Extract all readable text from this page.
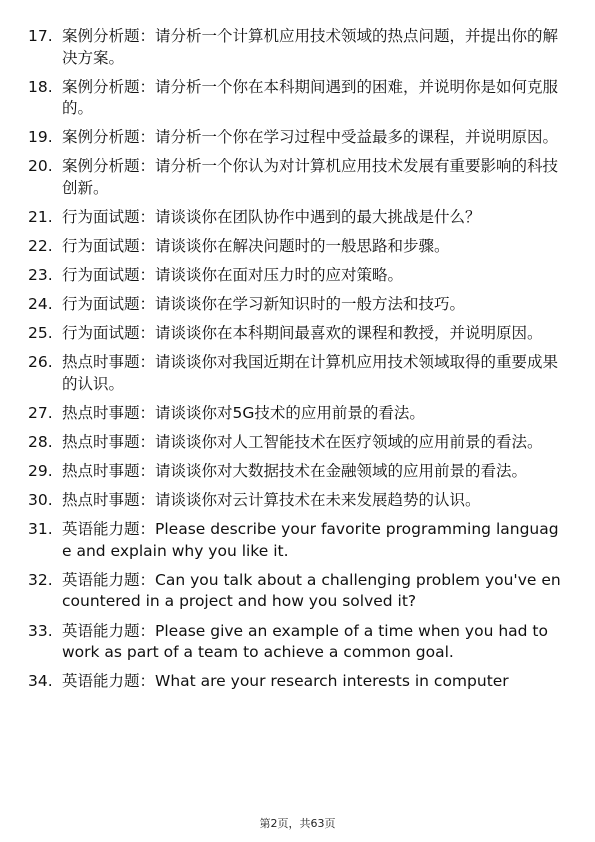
17. 案例分析题：请分析一个计算机应用技术领域的热点问题，并提出你的解决方案。
18. 案例分析题：请分析一个你在本科期间遇到的困难，并说明你是如何克服的。
19. 案例分析题：请分析一个你在学习过程中受益最多的课程，并说明原因。
20. 案例分析题：请分析一个你认为对计算机应用技术发展有重要影响的科技创新。
21. 行为面试题：请谈谈你在团队协作中遇到的最大挑战是什么？
22. 行为面试题：请谈谈你在解决问题时的一般思路和步骤。
23. 行为面试题：请谈谈你在面对压力时的应对策略。
24. 行为面试题：请谈谈你在学习新知识时的一般方法和技巧。
25. 行为面试题：请谈谈你在本科期间最喜欢的课程和教授，并说明原因。
26. 热点时事题：请谈谈你对我国近期在计算机应用技术领域取得的重要成果的认识。
27. 热点时事题：请谈谈你对5G技术的应用前景的看法。
28. 热点时事题：请谈谈你对人工智能技术在医疗领域的应用前景的看法。
29. 热点时事题：请谈谈你对大数据技术在金融领域的应用前景的看法。
30. 热点时事题：请谈谈你对云计算技术在未来发展趋势的认识。
31. 英语能力题：Please describe your favorite programming language and explain why you like it.
32. 英语能力题：Can you talk about a challenging problem you've encountered in a project and how you solved it?
33. 英语能力题：Please give an example of a time when you had to work as part of a team to achieve a common goal.
34. 英语能力题：What are your research interests in computer
第2页，共63页
